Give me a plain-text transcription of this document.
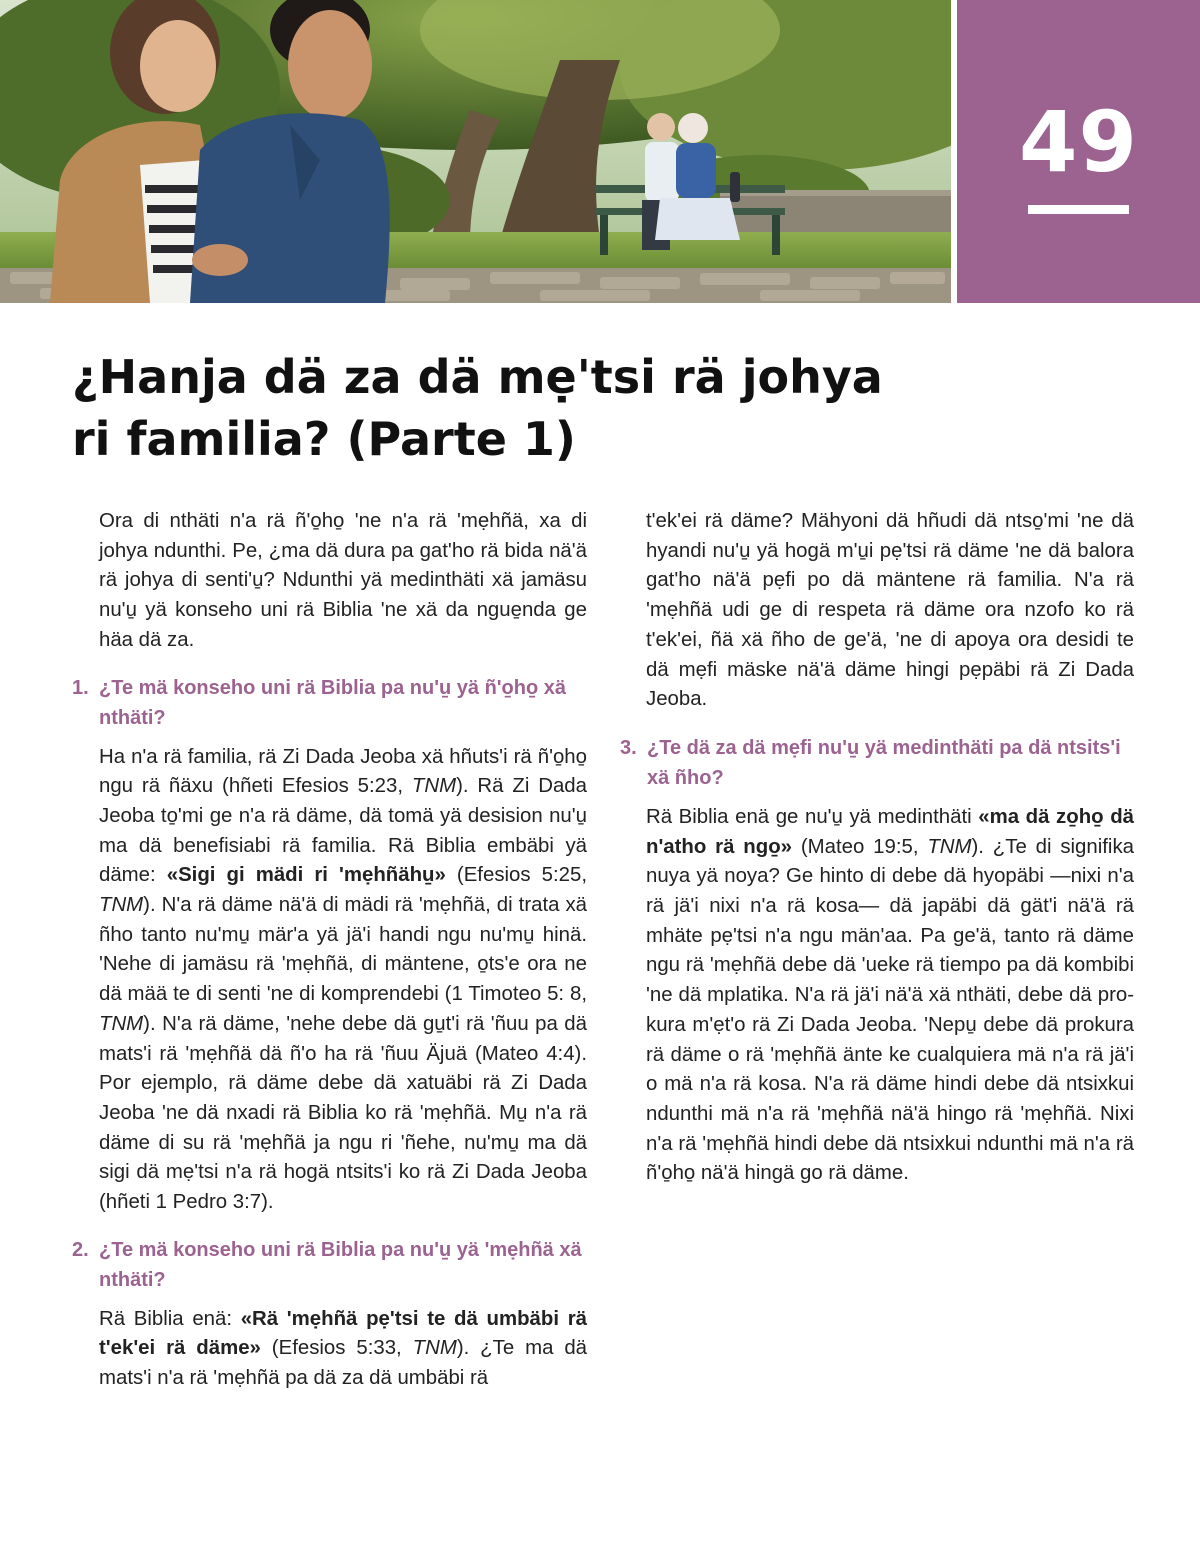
49
¿Hanja dä za dä mẹ'tsi rä johya
ri familia? (Parte 1)

Ora di nthäti n'a rä ñ'o̱ho̱ 'ne n'a rä 'mẹhñä, xa di johya ndunthi. Pe, ¿ma dä dura pa gat'ho rä bida nä'ä rä johya di senti'u̱? Ndunthi yä medinthäti xä jamäsu nu'u̱ yä konseho uni rä Biblia 'ne xä da ngue̱nda ge häa dä za.

1. ¿Te mä konseho uni rä Biblia pa nu'u̱ yä ñ'o̱ho̱ xä nthäti?

Ha n'a rä familia, rä Zi Dada Jeoba xä hñuts'i rä ñ'o̱ho̱ ngu rä ñäxu (hñeti Efesios 5:23, TNM). Rä Zi Dada Jeoba to̱'mi ge n'a rä däme, dä tomä yä desision nu'u̱ ma dä benefisiabi rä familia. Rä Biblia embäbi yä däme: «Sigi gi mädi ri 'mẹhñähu̱» (Efesios 5:25, TNM). N'a rä däme nä'ä di mädi rä 'mẹhñä, di trata xä ñho tanto nu'mu̱ mär'a yä jä'i handi ngu nu'mu̱ hinä. 'Nehe di jamäsu rä 'mẹhñä, di mäntene, o̱ts'e ora ne dä mää te di senti 'ne di komprendebi (1 Timoteo 5: 8, TNM). N'a rä däme, 'nehe debe dä gu̱t'i rä 'ñuu pa dä mats'i rä 'mẹhñä dä ñ'o ha rä 'ñuu Äjuä (Mateo 4:4). Por ejemplo, rä däme debe dä xatuäbi rä Zi Dada Jeoba 'ne dä nxadi rä Biblia ko rä 'mẹhñä. Mu̱ n'a rä däme di su rä 'mẹhñä ja ngu ri 'ñehe, nu'mu̱ ma dä sigi dä mẹ'tsi n'a rä hogä ntsits'i ko rä Zi Dada Jeoba (hñeti 1 Pedro 3:7).

2. ¿Te mä konseho uni rä Biblia pa nu'u̱ yä 'mẹhñä xä nthäti?

Rä Biblia enä: «Rä 'mẹhñä pẹ'tsi te dä umbäbi rä t'ek'ei rä däme» (Efesios 5:33, TNM). ¿Te ma dä mats'i n'a rä 'mẹhñä pa dä za dä umbäbi rä

t'ek'ei rä däme? Mähyoni dä hñudi dä ntso̱'mi 'ne dä hyandi nu'u̱ yä hogä m'u̱i pẹ'tsi rä däme 'ne dä balora gat'ho nä'ä pẹfi po dä mäntene rä familia. N'a rä 'mẹhñä udi ge di respeta rä däme ora nzofo ko rä t'ek'ei, ñä xä ñho de ge'ä, 'ne di apoya ora desidi te dä mẹfi mäske nä'ä däme hingi pẹpäbi rä Zi Dada Jeoba.

3. ¿Te dä za dä mẹfi nu'u̱ yä medinthäti pa dä ntsits'i xä ñho?

Rä Biblia enä ge nu'u̱ yä medinthäti «ma dä zo̱ho̱ dä n'atho rä ngo̱» (Mateo 19:5, TNM). ¿Te di signifika nuya yä noya? Ge hinto di debe dä hyopäbi —nixi n'a rä jä'i nixi n'a rä kosa— dä japäbi dä gät'i nä'ä rä mhäte pẹ'tsi n'a ngu män'aa. Pa ge'ä, tanto rä däme ngu rä 'mẹhñä debe dä 'ueke rä tiempo pa dä kombibi 'ne dä mplatika. N'a rä jä'i nä'ä xä nthäti, debe dä prokura m'ẹt'o rä Zi Dada Jeoba. 'Nepu̱ debe dä prokura rä däme o rä 'mẹhñä änte ke cualquiera mä n'a rä jä'i o mä n'a rä kosa. N'a rä däme hindi debe dä ntsixkui ndunthi mä n'a rä 'mẹhñä nä'ä hingo rä 'mẹhñä. Nixi n'a rä 'mẹhñä hindi debe dä ntsixkui ndunthi mä n'a rä ñ'o̱ho̱ nä'ä hingä go rä däme.
